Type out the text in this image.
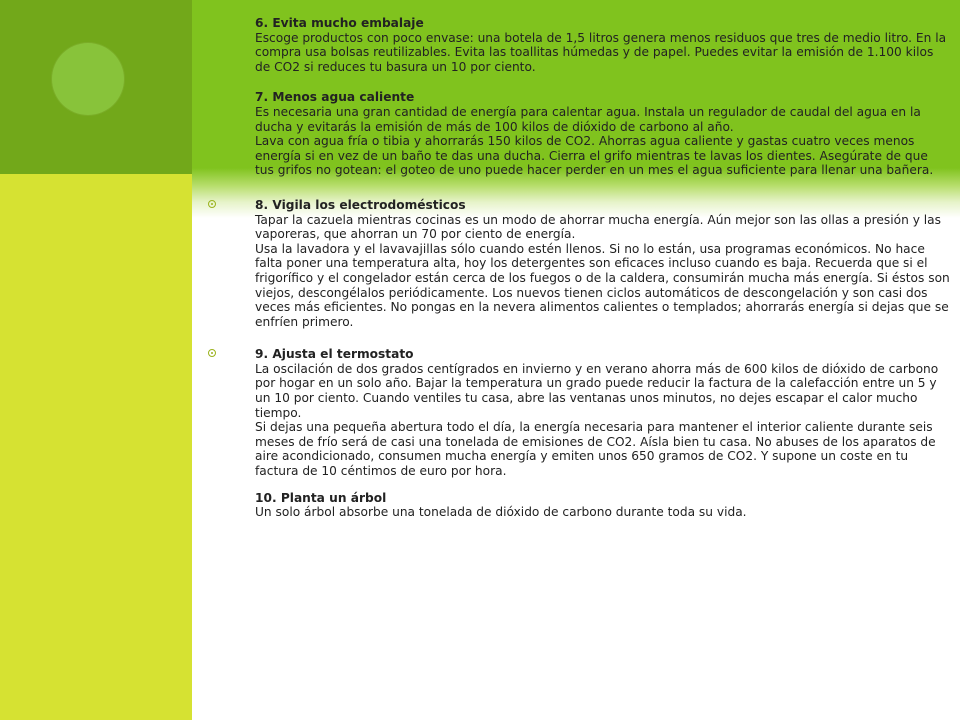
6. Evita mucho embalaje

Escoge productos con poco envase: una botela de 1,5 litros genera menos residuos que tres de medio litro. En la compra usa bolsas reutilizables. Evita las toallitas húmedas y de papel. Puedes evitar la emisión de 1.100 kilos de CO2 si reduces tu basura un 10 por ciento.

7. Menos agua caliente

Es necesaria una gran cantidad de energía para calentar agua. Instala un regulador de caudal del agua en la ducha y evitarás la emisión de más de 100 kilos de dióxido de carbono al año.

Lava con agua fría o tibia y ahorrarás 150 kilos de CO2. Ahorras agua caliente y gastas cuatro veces menos energía si en vez de un baño te das una ducha. Cierra el grifo mientras te lavas los dientes. Asegúrate de que tus grifos no gotean: el goteo de uno puede hacer perder en un mes el agua suficiente para llenar una bañera.

8. Vigila los electrodomésticos

Tapar la cazuela mientras cocinas es un modo de ahorrar mucha energía. Aún mejor son las ollas a presión y las vaporeras, que ahorran un 70 por ciento de energía.

Usa la lavadora y el lavavajillas sólo cuando estén llenos. Si no lo están, usa programas económicos. No hace falta poner una temperatura alta, hoy los detergentes son eficaces incluso cuando es baja. Recuerda que si el frigorífico y el congelador están cerca de los fuegos o de la caldera, consumirán mucha más energía. Si éstos son viejos, descongélalos periódicamente. Los nuevos tienen ciclos automáticos de descongelación y son casi dos veces más eficientes. No pongas en la nevera alimentos calientes o templados; ahorrarás energía si dejas que se enfríen primero.

9. Ajusta el termostato

La oscilación de dos grados centígrados en invierno y en verano ahorra más de 600 kilos de dióxido de carbono por hogar en un solo año. Bajar la temperatura un grado puede reducir la factura de la calefacción entre un 5 y un 10 por ciento. Cuando ventiles tu casa, abre las ventanas unos minutos, no dejes escapar el calor mucho tiempo.

Si dejas una pequeña abertura todo el día, la energía necesaria para mantener el interior caliente durante seis meses de frío será de casi una tonelada de emisiones de CO2. Aísla bien tu casa. No abuses de los aparatos de aire acondicionado, consumen mucha energía y emiten unos 650 gramos de CO2. Y supone un coste en tu factura de 10 céntimos de euro por hora.

10. Planta un árbol

Un solo árbol absorbe una tonelada de dióxido de carbono durante toda su vida.
